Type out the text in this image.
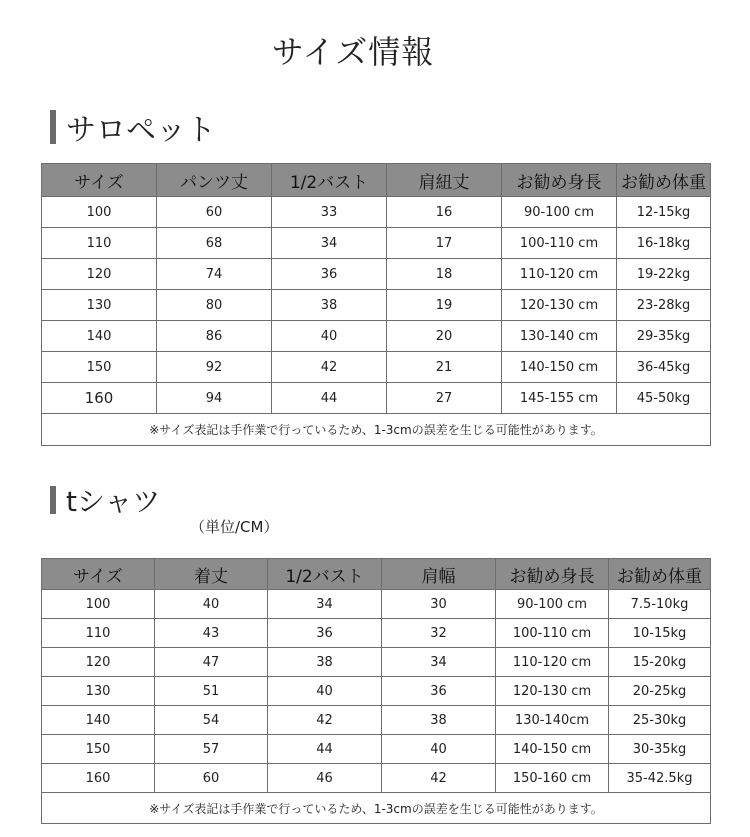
サイズ情報
サロペット
サイズ	パンツ丈	1/2バスト	肩紐丈	お勧め身長	お勧め体重
100	60	33	16	90-100 cm	12-15kg
110	68	34	17	100-110 cm	16-18kg
120	74	36	18	110-120 cm	19-22kg
130	80	38	19	120-130 cm	23-28kg
140	86	40	20	130-140 cm	29-35kg
150	92	42	21	140-150 cm	36-45kg
160	94	44	27	145-155 cm	45-50kg
※サイズ表記は手作業で行っているため、1-3cmの誤差を生じる可能性があります。					
tシャツ
（単位/CM）
サイズ	着丈	1/2バスト	肩幅	お勧め身長	お勧め体重
100	40	34	30	90-100 cm	7.5-10kg
110	43	36	32	100-110 cm	10-15kg
120	47	38	34	110-120 cm	15-20kg
130	51	40	36	120-130 cm	20-25kg
140	54	42	38	130-140cm	25-30kg
150	57	44	40	140-150 cm	30-35kg
160	60	46	42	150-160 cm	35-42.5kg
※サイズ表記は手作業で行っているため、1-3cmの誤差を生じる可能性があります。					
